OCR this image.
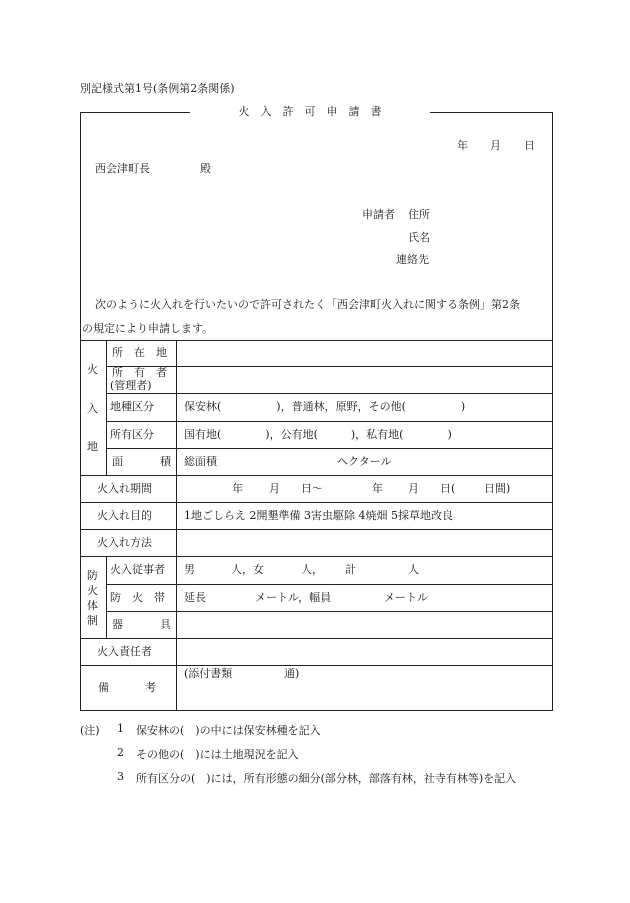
別記様式第1号(条例第2条関係)
火　入　許　可　申　請　書
年 月 日
西会津町長	殿
申請者 住所
氏名
連絡先
次のように火入れを行いたいので許可されたく「西会津町火入れに関する条例」第2条
の規定により申請します。
火
入
地
所　在　地
所　有　者
(管理者)
地種区分	保安林(　　　　　)，普通林，原野，その他(　　　　　)
所有区分	国有地(　　　　)，公有地(　　　)，私有地(　　　　)
面	積 総面積	ヘクタール
火入れ期間	年 月 日〜	年 月 日(	日間)
火入れ目的	1地ごしらえ 2開墾準備 3害虫駆除 4焼畑 5採草地改良
火入れ方法
防
火
体
制
火入従事者 男	人，女	人， 計	人
防　火　帯 延長	メートル，幅員	メートル
器	具
火入責任者
備	考
(添付書類	通)
(注) 1 保安林の(　)の中には保安林種を記入
2 その他の(　)には土地現況を記入
3 所有区分の(　)には，所有形態の細分(部分林，部落有林，社寺有林等)を記入
